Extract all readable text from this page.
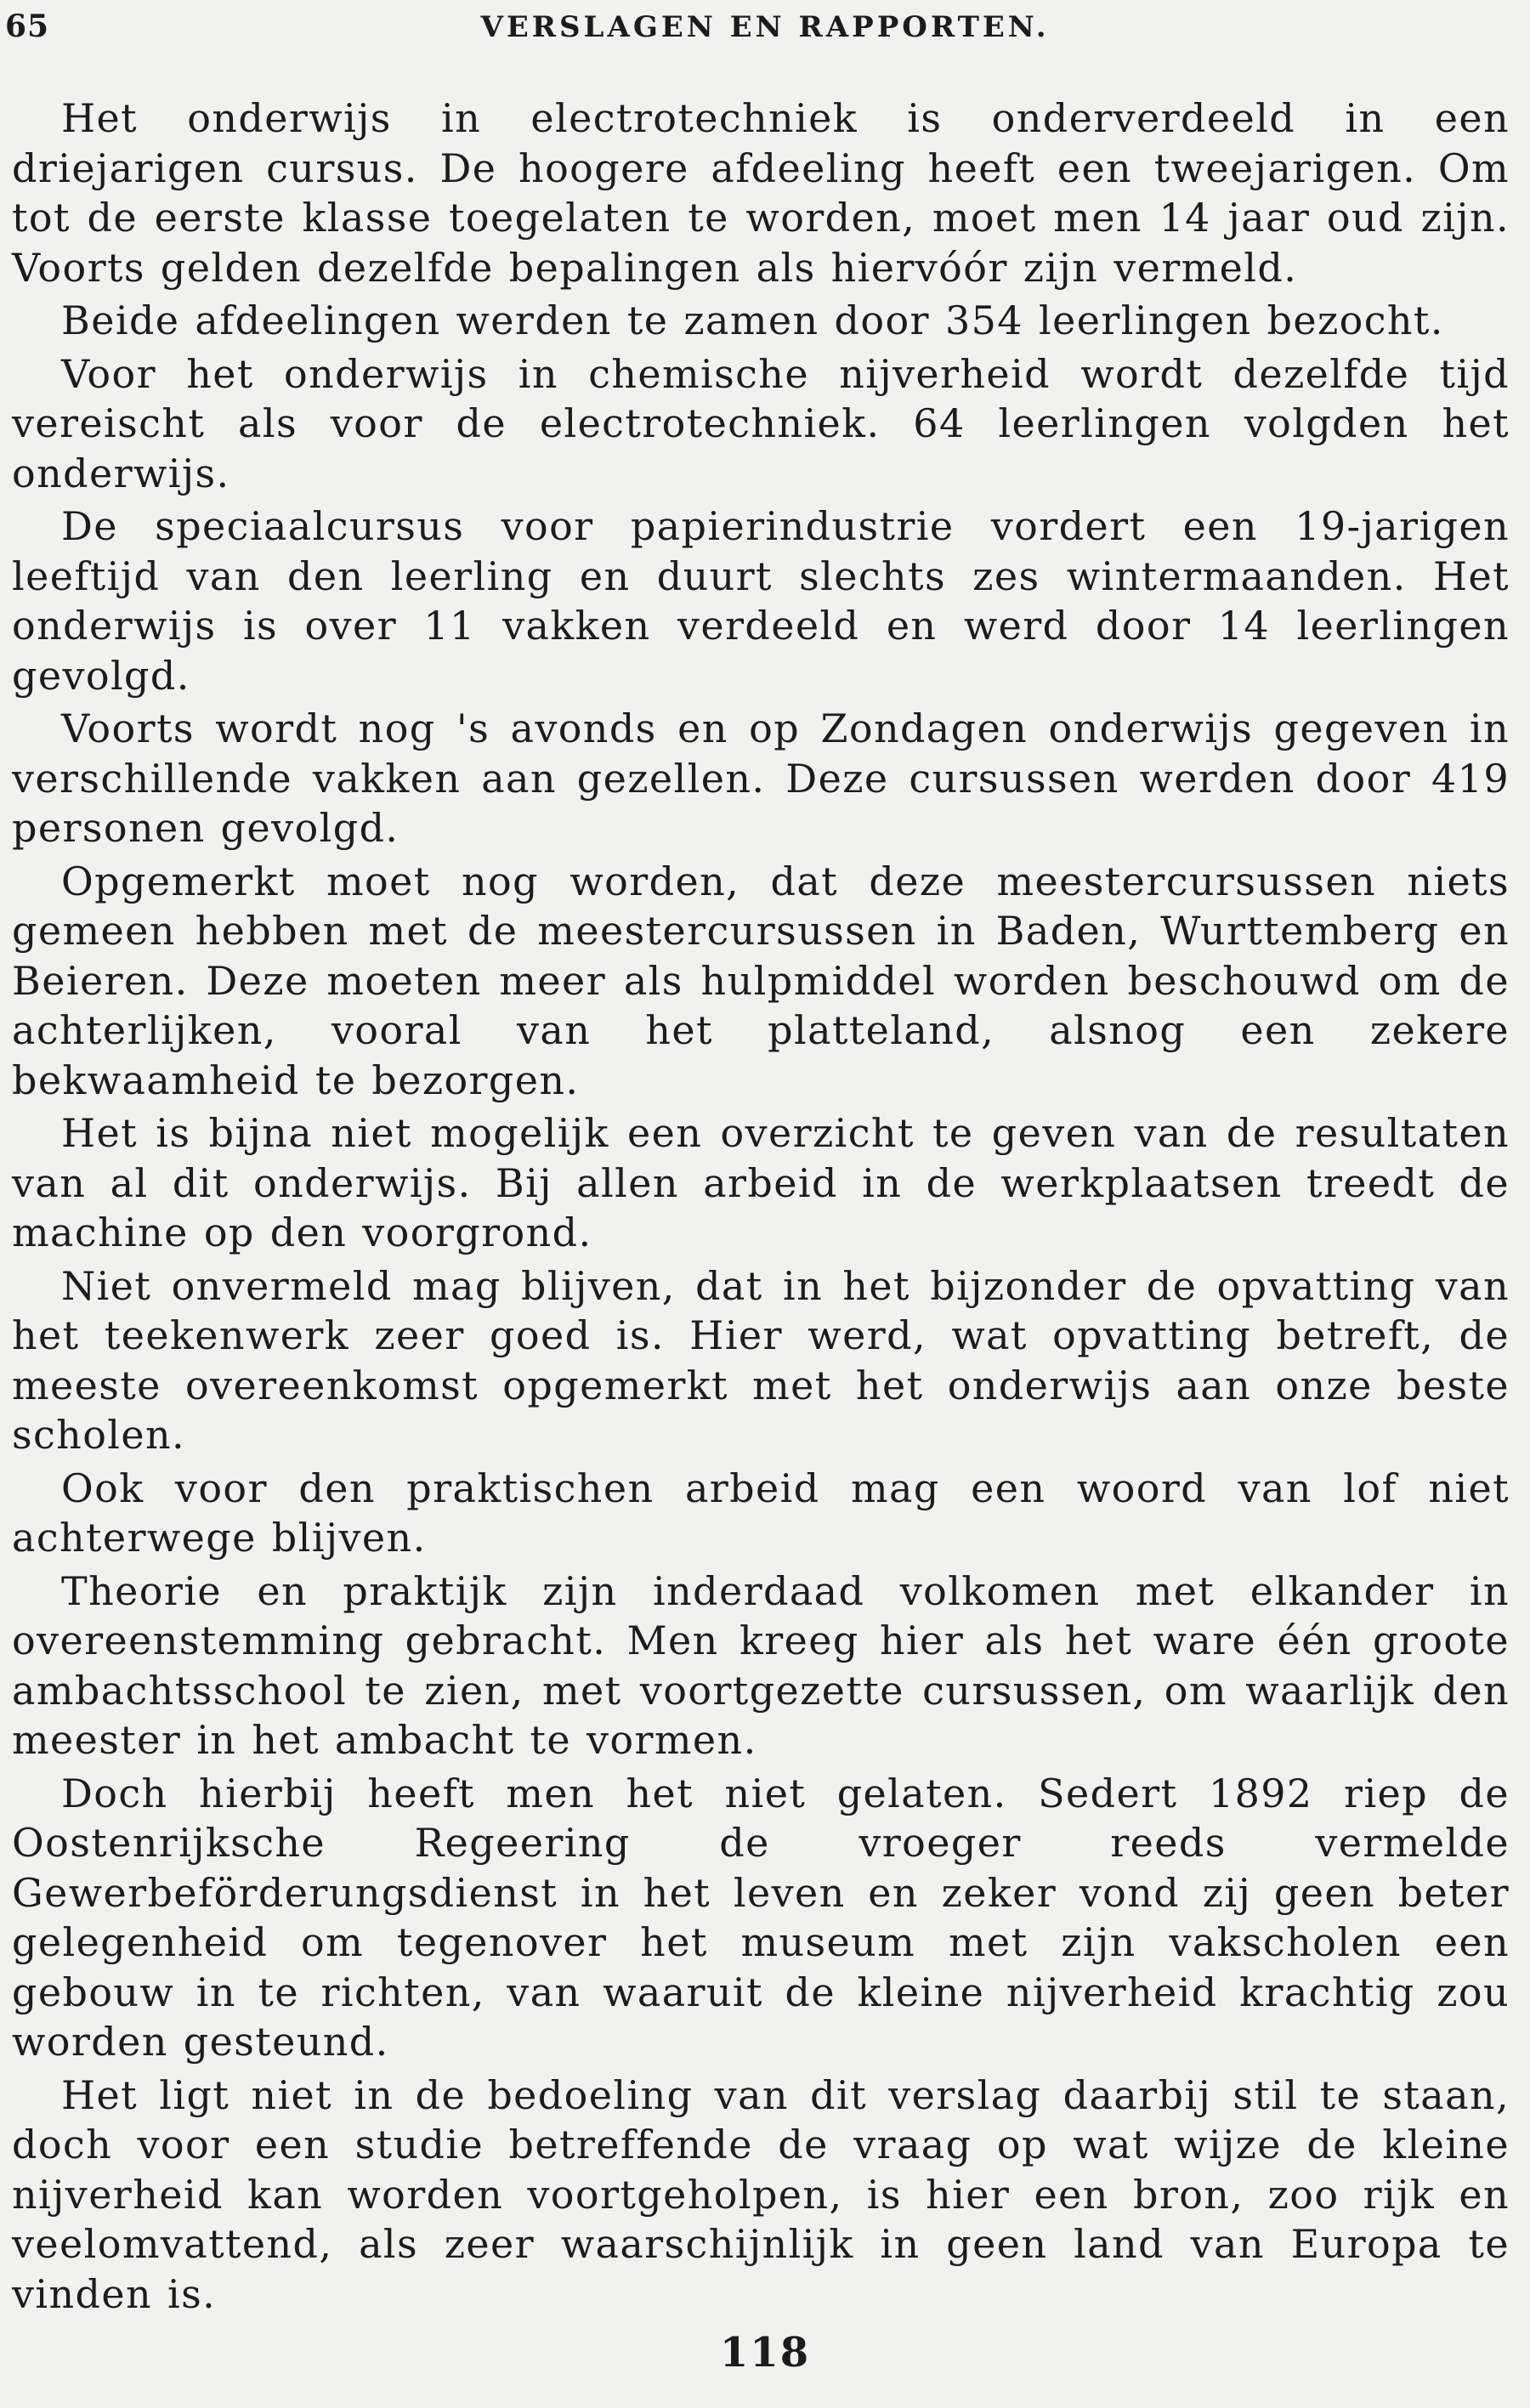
65	VERSLAGEN EN RAPPORTEN.

Het onderwijs in electrotechniek is onderverdeeld in een driejarigen cursus. De hoogere afdeeling heeft een tweejarigen. Om tot de eerste klasse toegelaten te worden, moet men 14 jaar oud zijn. Voorts gelden dezelfde bepalingen als hiervóór zijn vermeld.

Beide afdeelingen werden te zamen door 354 leerlingen bezocht.

Voor het onderwijs in chemische nijverheid wordt dezelfde tijd vereischt als voor de electrotechniek. 64 leerlingen volgden het onderwijs.

De speciaalcursus voor papierindustrie vordert een 19-jarigen leeftijd van den leerling en duurt slechts zes wintermaanden. Het onderwijs is over 11 vakken verdeeld en werd door 14 leerlingen gevolgd.

Voorts wordt nog 's avonds en op Zondagen onderwijs gegeven in verschillende vakken aan gezellen. Deze cursussen werden door 419 personen gevolgd.

Opgemerkt moet nog worden, dat deze meestercursussen niets gemeen hebben met de meestercursussen in Baden, Wurttemberg en Beieren. Deze moeten meer als hulpmiddel worden beschouwd om de achterlijken, vooral van het platteland, alsnog een zekere bekwaamheid te bezorgen.

Het is bijna niet mogelijk een overzicht te geven van de resultaten van al dit onderwijs. Bij allen arbeid in de werkplaatsen treedt de machine op den voorgrond.

Niet onvermeld mag blijven, dat in het bijzonder de opvatting van het teekenwerk zeer goed is. Hier werd, wat opvatting betreft, de meeste overeenkomst opgemerkt met het onderwijs aan onze beste scholen.

Ook voor den praktischen arbeid mag een woord van lof niet achterwege blijven.

Theorie en praktijk zijn inderdaad volkomen met elkander in overeenstemming gebracht. Men kreeg hier als het ware één groote ambachtsschool te zien, met voortgezette cursussen, om waarlijk den meester in het ambacht te vormen.

Doch hierbij heeft men het niet gelaten. Sedert 1892 riep de Oostenrijksche Regeering de vroeger reeds vermelde Gewerbeförderungsdienst in het leven en zeker vond zij geen beter gelegenheid om tegenover het museum met zijn vakscholen een gebouw in te richten, van waaruit de kleine nijverheid krachtig zou worden gesteund.

Het ligt niet in de bedoeling van dit verslag daarbij stil te staan, doch voor een studie betreffende de vraag op wat wijze de kleine nijverheid kan worden voortgeholpen, is hier een bron, zoo rijk en veelomvattend, als zeer waarschijnlijk in geen land van Europa te vinden is.

118
